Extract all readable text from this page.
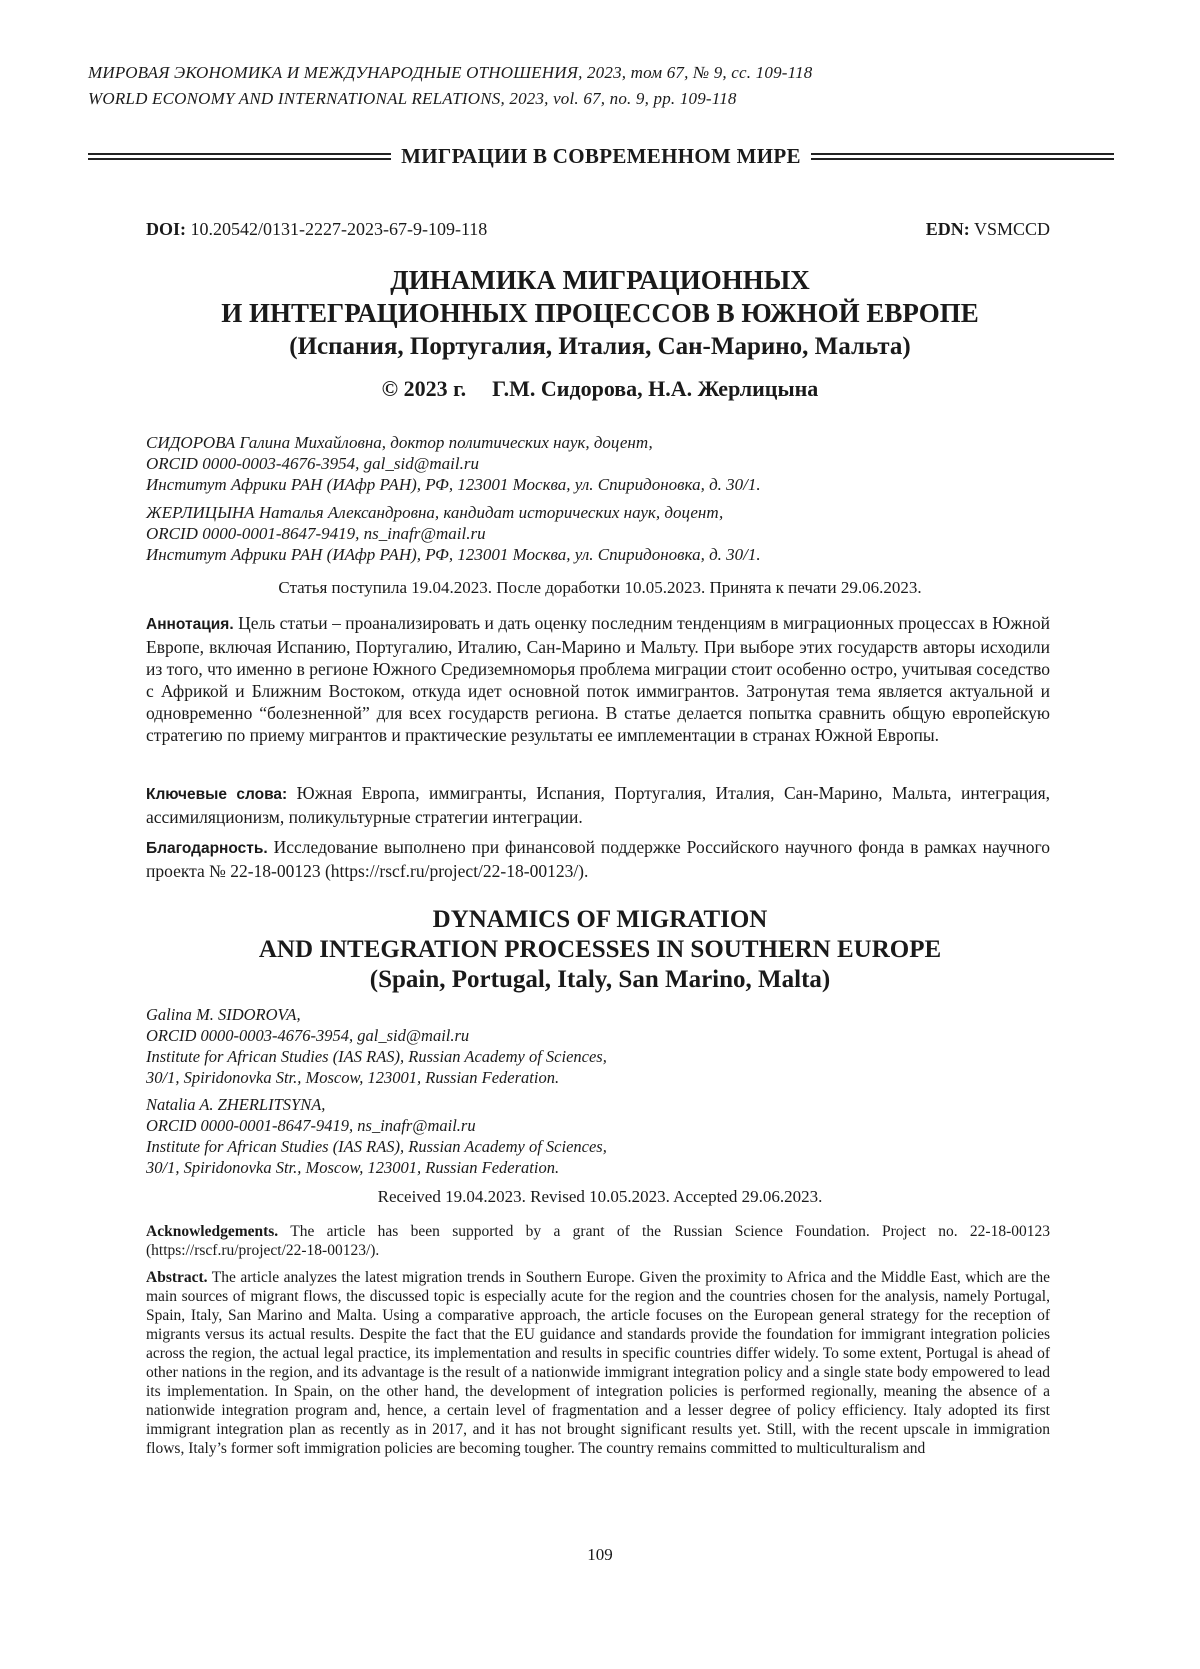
МИРОВАЯ ЭКОНОМИКА И МЕЖДУНАРОДНЫЕ ОТНОШЕНИЯ, 2023, том 67, № 9, сс. 109-118
WORLD ECONOMY AND INTERNATIONAL RELATIONS, 2023, vol. 67, no. 9, pp. 109-118
МИГРАЦИИ В СОВРЕМЕННОМ МИРЕ
DOI: 10.20542/0131-2227-2023-67-9-109-118	EDN: VSMCCD
ДИНАМИКА МИГРАЦИОННЫХ
И ИНТЕГРАЦИОННЫХ ПРОЦЕССОВ В ЮЖНОЙ ЕВРОПЕ
(Испания, Португалия, Италия, Сан-Марино, Мальта)
© 2023 г. Г.М. Сидорова, Н.А. Жерлицына
СИДОРОВА Галина Михайловна, доктор политических наук, доцент,
ORCID 0000-0003-4676-3954, gal_sid@mail.ru
Институт Африки РАН (ИАфр РАН), РФ, 123001 Москва, ул. Спиридоновка, д. 30/1.
ЖЕРЛИЦЫНА Наталья Александровна, кандидат исторических наук, доцент,
ORCID 0000-0001-8647-9419, ns_inafr@mail.ru
Институт Африки РАН (ИАфр РАН), РФ, 123001 Москва, ул. Спиридоновка, д. 30/1.
Статья поступила 19.04.2023. После доработки 10.05.2023. Принята к печати 29.06.2023.
Аннотация. Цель статьи – проанализировать и дать оценку последним тенденциям в миграционных процессах в Южной Европе, включая Испанию, Португалию, Италию, Сан-Марино и Мальту. При выборе этих государств авторы исходили из того, что именно в регионе Южного Средиземноморья проблема миграции стоит особенно остро, учитывая соседство с Африкой и Ближним Востоком, откуда идет основной поток иммигрантов. Затронутая тема является актуальной и одновременно “болезненной” для всех государств региона. В статье делается попытка сравнить общую европейскую стратегию по приему мигрантов и практические результаты ее имплементации в странах Южной Европы.
Ключевые слова: Южная Европа, иммигранты, Испания, Португалия, Италия, Сан-Марино, Мальта, интеграция, ассимиляционизм, поликультурные стратегии интеграции.
Благодарность. Исследование выполнено при финансовой поддержке Российского научного фонда в рамках научного проекта № 22-18-00123 (https://rscf.ru/project/22-18-00123/).
DYNAMICS OF MIGRATION
AND INTEGRATION PROCESSES IN SOUTHERN EUROPE
(Spain, Portugal, Italy, San Marino, Malta)
Galina M. SIDOROVA,
ORCID 0000-0003-4676-3954, gal_sid@mail.ru
Institute for African Studies (IAS RAS), Russian Academy of Sciences,
30/1, Spiridonovka Str., Moscow, 123001, Russian Federation.
Natalia A. ZHERLITSYNA,
ORCID 0000-0001-8647-9419, ns_inafr@mail.ru
Institute for African Studies (IAS RAS), Russian Academy of Sciences,
30/1, Spiridonovka Str., Moscow, 123001, Russian Federation.
Received 19.04.2023. Revised 10.05.2023. Accepted 29.06.2023.
Acknowledgements. The article has been supported by a grant of the Russian Science Foundation. Project no. 22-18-00123 (https://rscf.ru/project/22-18-00123/).
Abstract. The article analyzes the latest migration trends in Southern Europe. Given the proximity to Africa and the Middle East, which are the main sources of migrant flows, the discussed topic is especially acute for the region and the countries chosen for the analysis, namely Portugal, Spain, Italy, San Marino and Malta. Using a comparative approach, the article focuses on the European general strategy for the reception of migrants versus its actual results. Despite the fact that the EU guidance and standards provide the foundation for immigrant integration policies across the region, the actual legal practice, its implementation and results in specific countries differ widely. To some extent, Portugal is ahead of other nations in the region, and its advantage is the result of a nationwide immigrant integration policy and a single state body empowered to lead its implementation. In Spain, on the other hand, the development of integration policies is performed regionally, meaning the absence of a nationwide integration program and, hence, a certain level of fragmentation and a lesser degree of policy efficiency. Italy adopted its first immigrant integration plan as recently as in 2017, and it has not brought significant results yet. Still, with the recent upscale in immigration flows, Italy’s former soft immigration policies are becoming tougher. The country remains committed to multiculturalism and
109
